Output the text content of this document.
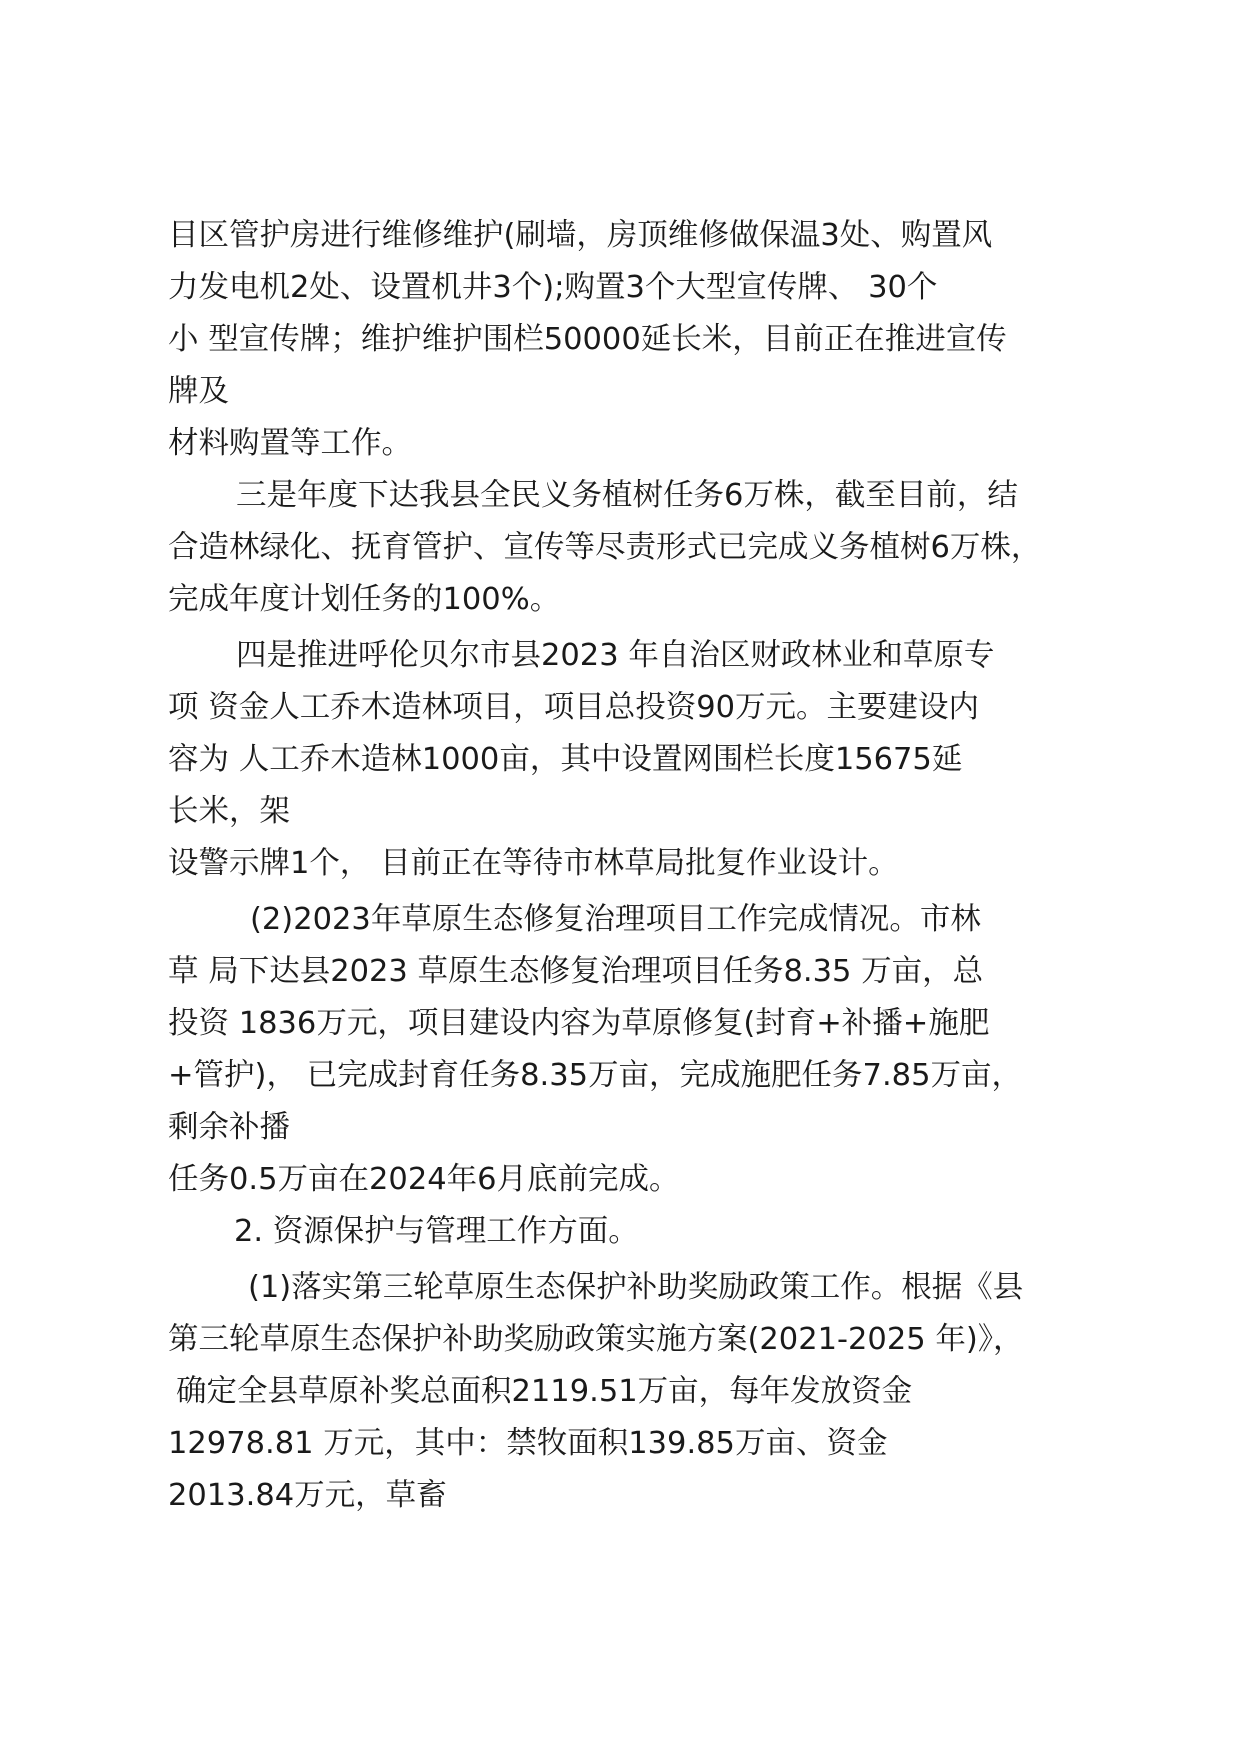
目区管护房进行维修维护(刷墙，房顶维修做保温3处、购置风
力发电机2处、设置机井3个);购置3个大型宣传牌、 30个
小 型宣传牌；维护维护围栏50000延长米，目前正在推进宣传
牌及
材料购置等工作。
三是年度下达我县全民义务植树任务6万株，截至目前，结
合造林绿化、抚育管护、宣传等尽责形式已完成义务植树6万株，
完成年度计划任务的100%。
四是推进呼伦贝尔市县2023 年自治区财政林业和草原专
项 资金人工乔木造林项目，项目总投资90万元。主要建设内
容为 人工乔木造林1000亩，其中设置网围栏长度15675延
长米，架
设警示牌1个， 目前正在等待市林草局批复作业设计。
(2)2023年草原生态修复治理项目工作完成情况。市林
草 局下达县2023 草原生态修复治理项目任务8.35 万亩，总
投资 1836万元，项目建设内容为草原修复(封育+补播+施肥
+管护)， 已完成封育任务8.35万亩，完成施肥任务7.85万亩，
剩余补播
任务0.5万亩在2024年6月底前完成。
2. 资源保护与管理工作方面。
(1)落实第三轮草原生态保护补助奖励政策工作。根据《县
第三轮草原生态保护补助奖励政策实施方案(2021-2025 年)》，
确定全县草原补奖总面积2119.51万亩，每年发放资金
12978.81 万元，其中：禁牧面积139.85万亩、资金
2013.84万元，草畜
